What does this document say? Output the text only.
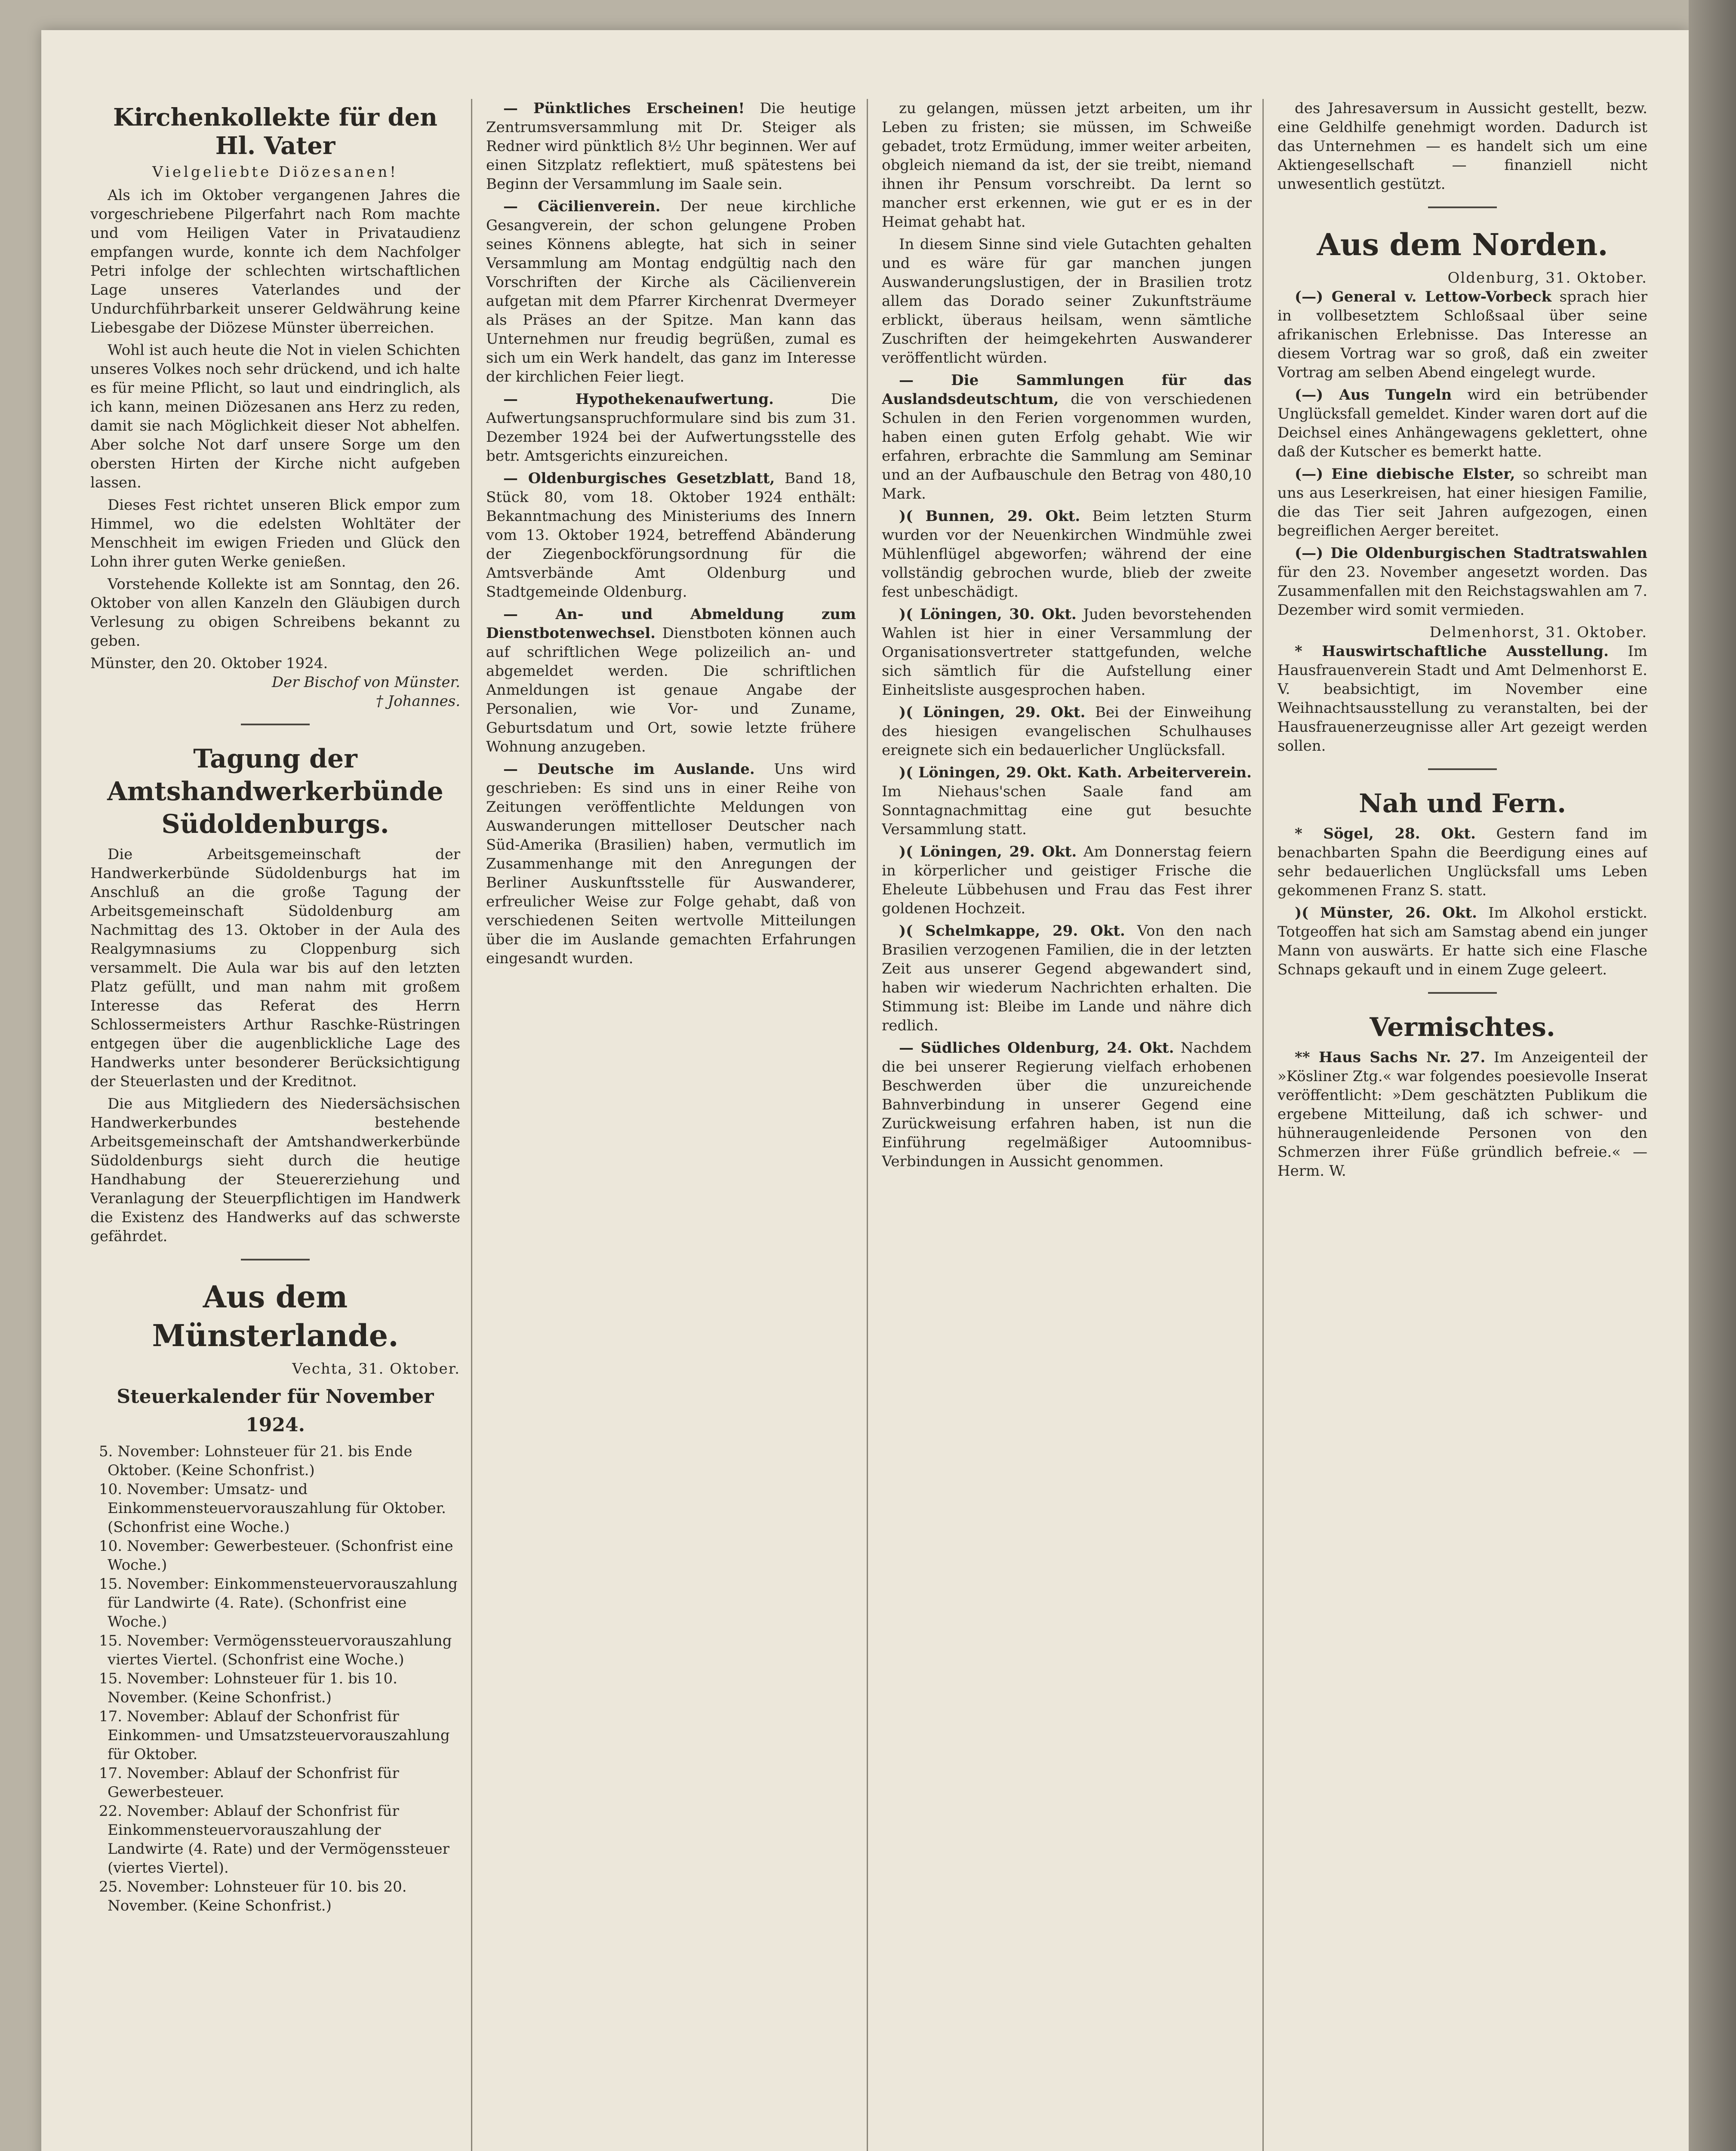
Kirchenkollekte für den Hl. Vater
Vielgeliebte Diözesanen!

Als ich im Oktober vergangenen Jahres die vorgeschriebene Pilgerfahrt nach Rom machte und vom Heiligen Vater in Privataudienz empfangen wurde, konnte ich dem Nachfolger Petri infolge der schlechten wirtschaftlichen Lage unseres Vaterlandes und der Undurchführbarkeit unserer Geldwährung keine Liebesgabe der Diözese Münster überreichen.

Wohl ist auch heute die Not in vielen Schichten unseres Volkes noch sehr drückend, und ich halte es für meine Pflicht, so laut und eindringlich, als ich kann, meinen Diözesanen ans Herz zu reden, damit sie nach Möglichkeit dieser Not abhelfen. Aber solche Not darf unsere Sorge um den obersten Hirten der Kirche nicht aufgeben lassen.

Dieses Fest richtet unseren Blick empor zum Himmel, wo die edelsten Wohltäter der Menschheit im ewigen Frieden und Glück den Lohn ihrer guten Werke genießen.

Vorstehende Kollekte ist am Sonntag, den 26. Oktober von allen Kanzeln den Gläubigen durch Verlesung zu obigen Schreibens bekannt zu geben.

Münster, den 20. Oktober 1924.
Der Bischof von Münster.
† Johannes.
Tagung der Amtshandwerkerbünde Südoldenburgs.

Die Arbeitsgemeinschaft der Handwerkerbünde Südoldenburgs hat im Anschluß an die große Tagung der Arbeitsgemeinschaft Südoldenburg am Nachmittag des 13. Oktober in der Aula des Realgymnasiums zu Cloppenburg sich versammelt. Die Aula war bis auf den letzten Platz gefüllt, und man nahm mit großem Interesse das Referat des Herrn Schlossermeisters Arthur Raschke-Rüstringen entgegen über die augenblickliche Lage des Handwerks unter besonderer Berücksichtigung der Steuerlasten und der Kreditnot.

Die aus Mitgliedern des Niedersächsischen Handwerkerbundes bestehende Arbeitsgemeinschaft der Amtshandwerkerbünde Südoldenburgs sieht durch die heutige Handhabung der Steuererziehung und Veranlagung der Steuerpflichtigen im Handwerk die Existenz des Handwerks auf das schwerste gefährdet.

Aus dem Münsterlande.
Vechta, 31. Oktober.
Steuerkalender für November 1924.
5. November: Lohnsteuer für 21. bis Ende Oktober. (Keine Schonfrist.)
10. November: Umsatz- und Einkommensteuervorauszahlung für Oktober. (Schonfrist eine Woche.)
10. November: Gewerbesteuer. (Schonfrist eine Woche.)
15. November: Einkommensteuervorauszahlung für Landwirte (4. Rate). (Schonfrist eine Woche.)
15. November: Vermögenssteuervorauszahlung viertes Viertel. (Schonfrist eine Woche.)
15. November: Lohnsteuer für 1. bis 10. November. (Keine Schonfrist.)
17. November: Ablauf der Schonfrist für Einkommen- und Umsatzsteuervorauszahlung für Oktober.
17. November: Ablauf der Schonfrist für Gewerbesteuer.
22. November: Ablauf der Schonfrist für Einkommensteuervorauszahlung der Landwirte (4. Rate) und der Vermögenssteuer (viertes Viertel).
25. November: Lohnsteuer für 10. bis 20. November. (Keine Schonfrist.)

— Pünktliches Erscheinen! Die heutige Zentrumsversammlung mit Dr. Steiger als Redner wird pünktlich 8½ Uhr beginnen. Wer auf einen Sitzplatz reflektiert, muß spätestens bei Beginn der Versammlung im Saale sein.

— Cäcilienverein. Der neue kirchliche Gesangverein, der schon gelungene Proben seines Könnens ablegte, hat sich in seiner Versammlung am Montag endgültig nach den Vorschriften der Kirche als Cäcilienverein aufgetan mit dem Pfarrer Kirchenrat Dvermeyer als Präses an der Spitze. Man kann das Unternehmen nur freudig begrüßen, zumal es sich um ein Werk handelt, das ganz im Interesse der kirchlichen Feier liegt.

— Hypothekenaufwertung.	Die Aufwertungsanspruchformulare sind bis zum 31. Dezember 1924 bei der Aufwertungsstelle des betr. Amtsgerichts einzureichen.

— Oldenburgisches Gesetzblatt, Band 18, Stück 80, vom 18. Oktober 1924 enthält: Bekanntmachung des Ministeriums des Innern vom 13. Oktober 1924, betreffend Abänderung der Ziegenbockförungsordnung für die Amtsverbände Amt Oldenburg und Stadtgemeinde Oldenburg.

— An- und Abmeldung zum Dienstbotenwechsel. Dienstboten können auch auf schriftlichen Wege polizeilich an- und abgemeldet werden. Die schriftlichen Anmeldungen ist genaue Angabe der Personalien, wie Vor- und Zuname, Geburtsdatum und Ort, sowie letzte frühere Wohnung anzugeben.

— Deutsche im Auslande. Uns wird geschrieben: Es sind uns in einer Reihe von Zeitungen veröffentlichte Meldungen von Auswanderungen mittelloser Deutscher nach Süd-Amerika (Brasilien) haben, vermutlich im Zusammenhange mit den Anregungen der Berliner Auskunftsstelle für Auswanderer, erfreulicher Weise zur Folge gehabt, daß von verschiedenen Seiten wertvolle Mitteilungen über die im Auslande gemachten Erfahrungen eingesandt wurden.

zu gelangen, müssen jetzt arbeiten, um ihr Leben zu fristen; sie müssen, im Schweiße gebadet, trotz Ermüdung, immer weiter arbeiten, obgleich niemand da ist, der sie treibt, niemand ihnen ihr Pensum vorschreibt. Da lernt so mancher erst erkennen, wie gut er es in der Heimat gehabt hat.

In diesem Sinne sind viele Gutachten gehalten und es wäre für gar manchen jungen Auswanderungslustigen, der in Brasilien trotz allem das Dorado seiner Zukunftsträume erblickt, überaus heilsam, wenn sämtliche Zuschriften der heimgekehrten Auswanderer veröffentlicht würden.

— Die Sammlungen für das Auslandsdeutschtum, die von verschiedenen Schulen in den Ferien vorgenommen wurden, haben einen guten Erfolg gehabt. Wie wir erfahren, erbrachte die Sammlung am Seminar und an der Aufbauschule den Betrag von 480,10 Mark.

)( Bunnen, 29. Okt. Beim letzten Sturm wurden vor der Neuenkirchen Windmühle zwei Mühlenflügel abgeworfen; während der eine vollständig gebrochen wurde, blieb der zweite fest unbeschädigt.

)( Löningen, 30. Okt. Juden bevorstehenden Wahlen ist hier in einer Versammlung der Organisationsvertreter stattgefunden, welche sich sämtlich für die Aufstellung einer Einheitsliste ausgesprochen haben.

)( Löningen, 29. Okt. Bei der Einweihung des hiesigen evangelischen Schulhauses ereignete sich ein bedauerlicher Unglücksfall.

)( Löningen, 29. Okt. Kath. Arbeiterverein. Im Niehaus'schen Saale fand am Sonntagnachmittag eine gut besuchte Versammlung statt.

)( Löningen, 29. Okt. Am Donnerstag feiern in körperlicher und geistiger Frische die Eheleute Lübbehusen und Frau das Fest ihrer goldenen Hochzeit.

)( Schelmkappe, 29. Okt. Von den nach Brasilien verzogenen Familien, die in der letzten Zeit aus unserer Gegend abgewandert sind, haben wir wiederum Nachrichten erhalten. Die Stimmung ist: Bleibe im Lande und nähre dich redlich.

— Südliches Oldenburg, 24. Okt. Nachdem die bei unserer Regierung vielfach erhobenen Beschwerden über die unzureichende Bahnverbindung in unserer Gegend eine Zurückweisung erfahren haben, ist nun die Einführung regelmäßiger Autoomnibus-Verbindungen in Aussicht genommen.

des Jahresaversum in Aussicht gestellt, bezw. eine Geldhilfe genehmigt worden. Dadurch ist das Unternehmen — es handelt sich um eine Aktiengesellschaft — finanziell nicht unwesentlich gestützt.

Aus dem Norden.
Oldenburg, 31. Oktober.

(—) General v. Lettow-Vorbeck sprach hier in vollbesetztem Schloßsaal über seine afrikanischen Erlebnisse. Das Interesse an diesem Vortrag war so groß, daß ein zweiter Vortrag am selben Abend eingelegt wurde.

(—) Aus Tungeln wird ein betrübender Unglücksfall gemeldet. Kinder waren dort auf die Deichsel eines Anhängewagens geklettert, ohne daß der Kutscher es bemerkt hatte.

(—) Eine diebische Elster, so schreibt man uns aus Leserkreisen, hat einer hiesigen Familie, die das Tier seit Jahren aufgezogen, einen begreiflichen Aerger bereitet.

(—) Die Oldenburgischen Stadtratswahlen für den 23. November angesetzt worden. Das Zusammenfallen mit den Reichstagswahlen am 7. Dezember wird somit vermieden.

Delmenhorst, 31. Oktober.

* Hauswirtschaftliche Ausstellung. Im Hausfrauenverein Stadt und Amt Delmenhorst E. V. beabsichtigt, im November eine Weihnachtsausstellung zu veranstalten, bei der Hausfrauenerzeugnisse aller Art gezeigt werden sollen.

Nah und Fern.

* Sögel, 28. Okt. Gestern fand im benachbarten Spahn die Beerdigung eines auf sehr bedauerlichen Unglücksfall ums Leben gekommenen Franz S. statt.

)( Münster, 26. Okt. Im Alkohol erstickt. Totgeoffen hat sich am Samstag abend ein junger Mann von auswärts. Er hatte sich eine Flasche Schnaps gekauft und in einem Zuge geleert.

Vermischtes.

** Haus Sachs Nr. 27. Im Anzeigenteil der »Kösliner Ztg.« war folgendes poesievolle Inserat veröffentlicht: »Dem geschätzten Publikum die ergebene Mitteilung, daß ich schwer- und hühneraugenleidende Personen von den Schmerzen ihrer Füße gründlich befreie.« — Herm. W.
